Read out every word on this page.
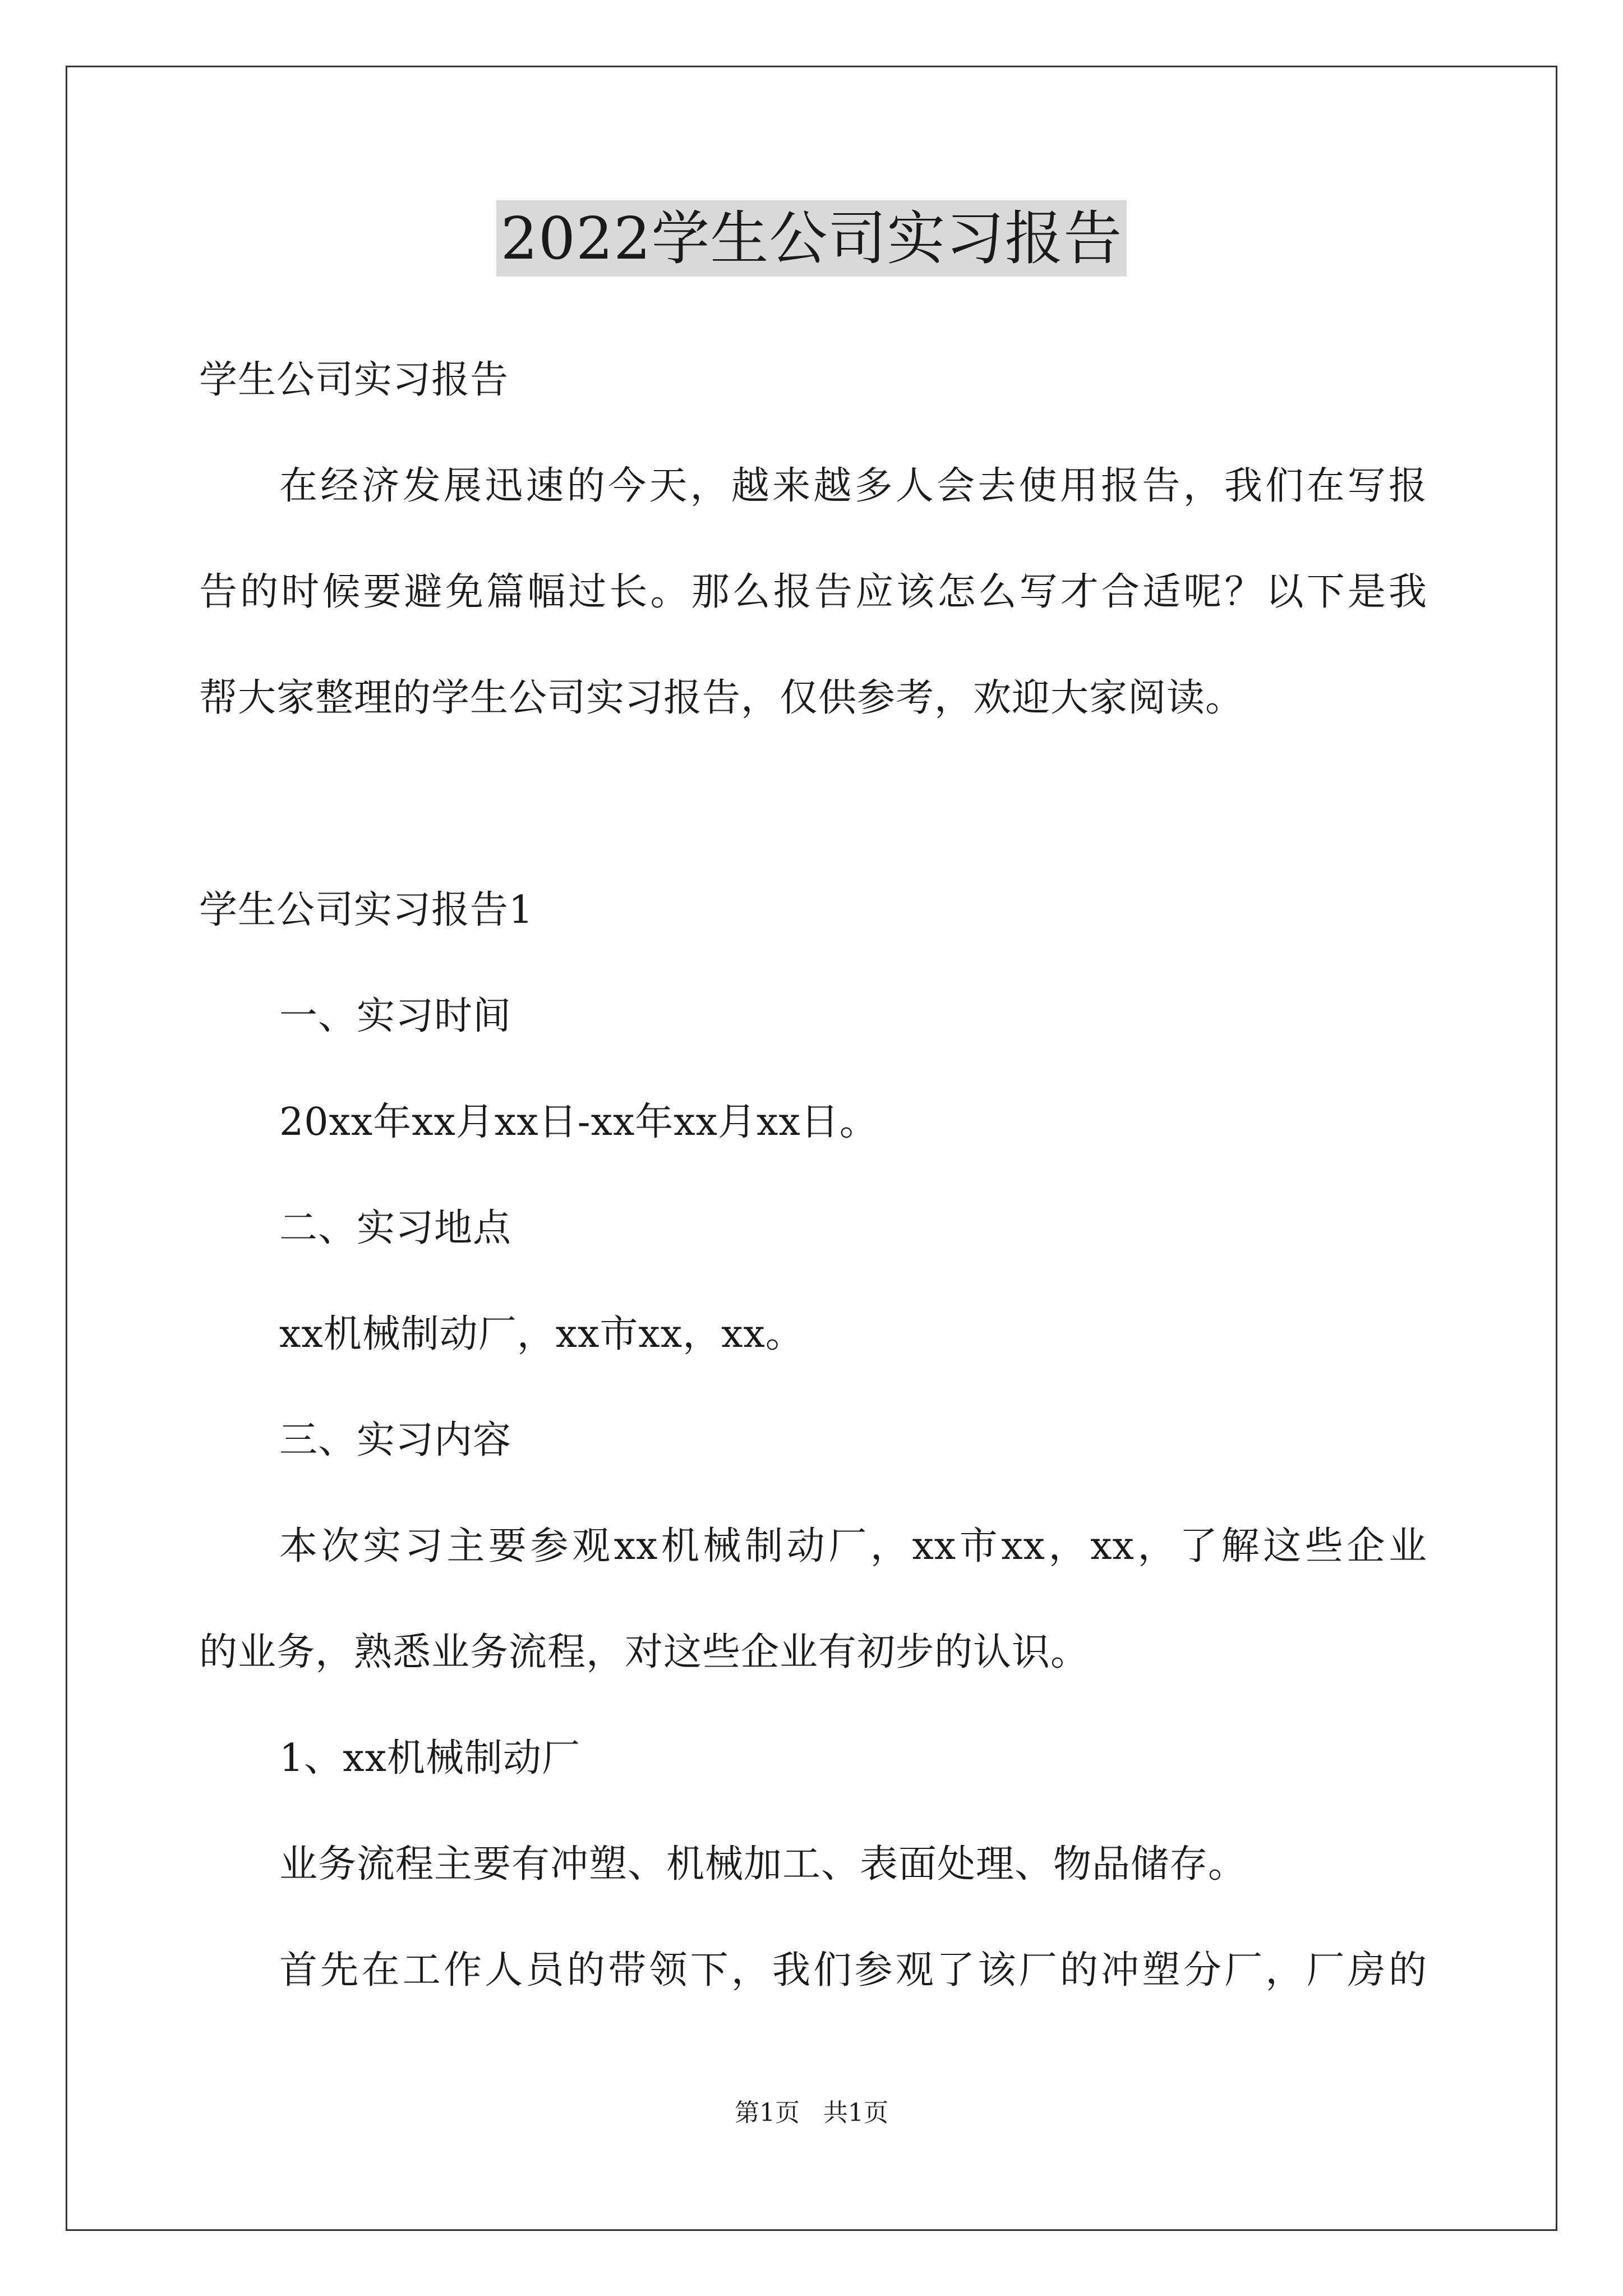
2022学生公司实习报告
学生公司实习报告
在经济发展迅速的今天，越来越多人会去使用报告，我们在写报
告的时候要避免篇幅过长。那么报告应该怎么写才合适呢？以下是我
帮大家整理的学生公司实习报告，仅供参考，欢迎大家阅读。
学生公司实习报告1
一、实习时间
20xx年xx月xx日-xx年xx月xx日。
二、实习地点
xx机械制动厂，xx市xx，xx。
三、实习内容
本次实习主要参观xx机械制动厂，xx市xx，xx，了解这些企业
的业务，熟悉业务流程，对这些企业有初步的认识。
1、xx机械制动厂
业务流程主要有冲塑、机械加工、表面处理、物品储存。
首先在工作人员的带领下，我们参观了该厂的冲塑分厂，厂房的
第1页 共1页
